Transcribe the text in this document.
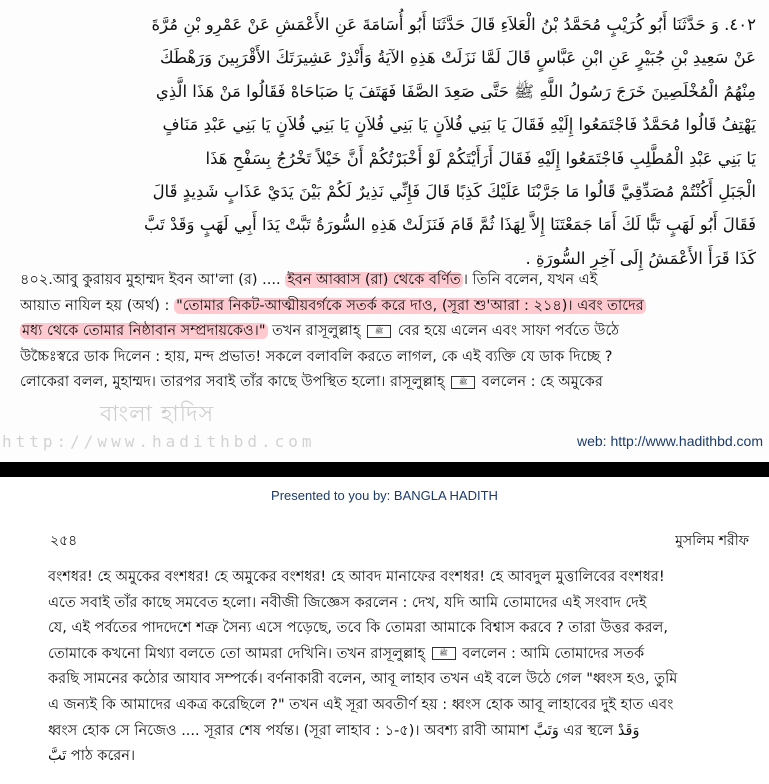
٤٠٢. وَ حَدَّثَنَا أَبُو كُرَيْبٍ مُحَمَّدُ بْنُ الْعَلاَءِ قَالَ حَدَّثَنَا أَبُو أُسَامَةَ عَنِ الأَعْمَشِ عَنْ عَمْرِو بْنِ مُرَّةَ
عَنْ سَعِيدِ بْنِ جُبَيْرٍ عَنِ ابْنِ عَبَّاسٍ قَالَ لَمَّا نَزَلَتْ هَذِهِ الآيَةُ وَأَنْذِرْ عَشِيرَتَكَ الأَقْرَبِينَ وَرَهْطَكَ
مِنْهُمُ الْمُخْلَصِينَ خَرَجَ رَسُولُ اللَّهِ ﷺ حَتَّى صَعِدَ الصَّفَا فَهَتَفَ يَا صَبَاحَاهْ فَقَالُوا مَنْ هَذَا الَّذِي
يَهْتِفُ قَالُوا مُحَمَّدٌ فَاجْتَمَعُوا إِلَيْهِ فَقَالَ يَا بَنِي فُلاَنٍ يَا بَنِي فُلاَنٍ يَا بَنِي فُلاَنٍ يَا بَنِي عَبْدِ مَنَافٍ
يَا بَنِي عَبْدِ الْمُطَّلِبِ فَاجْتَمَعُوا إِلَيْهِ فَقَالَ أَرَأَيْتَكُمْ لَوْ أَخْبَرْتُكُمْ أَنَّ خَيْلاً تَخْرُجُ بِسَفْحِ هَذَا
الْجَبَلِ أَكُنْتُمْ مُصَدِّقِيَّ قَالُوا مَا جَرَّبْنَا عَلَيْكَ كَذِبًا قَالَ فَإِنِّي نَذِيرٌ لَكُمْ بَيْنَ يَدَيْ عَذَابٍ شَدِيدٍ قَالَ
فَقَالَ أَبُو لَهَبٍ تَبًّا لَكَ أَمَا جَمَعْتَنَا إِلاَّ لِهَذَا ثُمَّ قَامَ فَنَزَلَتْ هَذِهِ السُّورَةُ تَبَّتْ يَدَا أَبِي لَهَبٍ وَقَدْ تَبَّ
كَذَا قَرَأَ الأَعْمَشُ إِلَى آخِرِ السُّورَةِ .
৪০২.আবু কুরায়ব মুহাম্মদ ইবন আ'লা (র) .... ইবন আব্বাস (রা) থেকে বর্ণিত । তিনি বলেন, যখন এই
আয়াত নাযিল হয় (অর্থ) : "তোমার নিকট-আত্মীয়বর্গকে সতর্ক করে দাও, (সূরা শু'আরা : ২১৪)। এবং তাদের
মধ্য থেকে তোমার নিষ্ঠাবান সম্প্রদায়কেও।" তখন রাসূলুল্লাহ্ ﷺ বের হয়ে এলেন এবং সাফা পর্বতে উঠে
উচ্চৈঃস্বরে ডাক দিলেন : হায়, মন্দ প্রভাত! সকলে বলাবলি করতে লাগল, কে এই ব্যক্তি যে ডাক দিচ্ছে ?
লোকেরা বলল, মুহাম্মদ। তারপর সবাই তাঁর কাছে উপস্থিত হলো। রাসূলুল্লাহ্ ﷺ বললেন : হে অমুকের
বাংলা হাদিস
http://www.hadithbd.com	web: http://www.hadithbd.com
Presented to you by: BANGLA HADITH
২৫৪	মুসলিম শরীফ
বংশধর! হে অমুকের বংশধর! হে অমুকের বংশধর! হে আবদ মানাফের বংশধর! হে আবদুল মুত্তালিবের বংশধর!
এতে সবাই তাঁর কাছে সমবেত হলো। নবীজী জিজ্ঞেস করলেন : দেখ, যদি আমি তোমাদের এই সংবাদ দেই
যে, এই পর্বতের পাদদেশে শত্রু সৈন্য এসে পড়েছে, তবে কি তোমরা আমাকে বিশ্বাস করবে ? তারা উত্তর করল,
তোমাকে কখনো মিথ্যা বলতে তো আমরা দেখিনি। তখন রাসূলুল্লাহ্ ﷺ বললেন : আমি তোমাদের সতর্ক
করছি সামনের কঠোর আযাব সম্পর্কে। বর্ণনাকারী বলেন, আবূ লাহাব তখন এই বলে উঠে গেল "ধ্বংস হও, তুমি
এ জন্যই কি আমাদের একত্র করেছিলে ?" তখন এই সূরা অবতীর্ণ হয় : ধ্বংস হোক আবূ লাহাবের দুই হাত এবং
ধ্বংস হোক সে নিজেও .... সূরার শেষ পর্যন্ত। (সূরা লাহাব : ১-৫)। অবশ্য রাবী আমাশ وَتَبَّ এর স্থলে وَقَدْ
تَبَّ পাঠ করেন।
